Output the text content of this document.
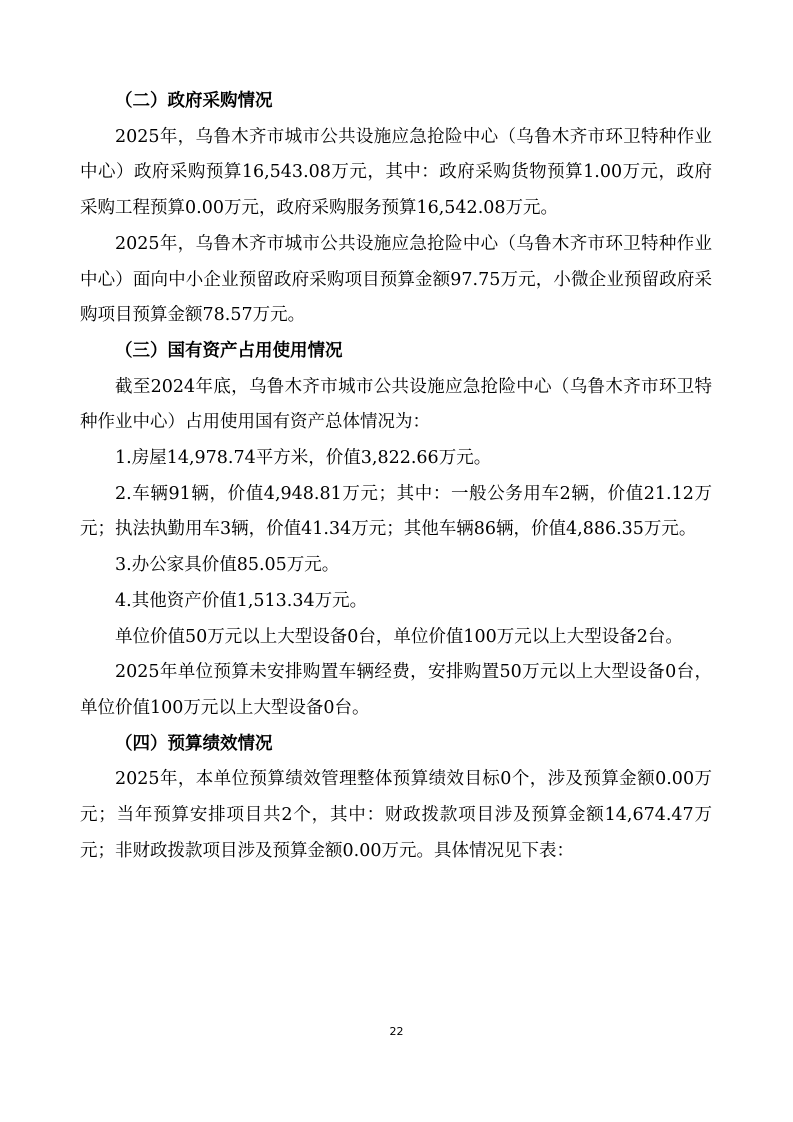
（二）政府采购情况

2025年，乌鲁木齐市城市公共设施应急抢险中心（乌鲁木齐市环卫特种作业中心）政府采购预算16,543.08万元，其中：政府采购货物预算1.00万元，政府采购工程预算0.00万元，政府采购服务预算16,542.08万元。

2025年，乌鲁木齐市城市公共设施应急抢险中心（乌鲁木齐市环卫特种作业中心）面向中小企业预留政府采购项目预算金额97.75万元，小微企业预留政府采购项目预算金额78.57万元。

（三）国有资产占用使用情况

截至2024年底，乌鲁木齐市城市公共设施应急抢险中心（乌鲁木齐市环卫特种作业中心）占用使用国有资产总体情况为：

1.房屋14,978.74平方米，价值3,822.66万元。

2.车辆91辆，价值4,948.81万元；其中：一般公务用车2辆，价值21.12万元；执法执勤用车3辆，价值41.34万元；其他车辆86辆，价值4,886.35万元。

3.办公家具价值85.05万元。

4.其他资产价值1,513.34万元。

单位价值50万元以上大型设备0台，单位价值100万元以上大型设备2台。

2025年单位预算未安排购置车辆经费，安排购置50万元以上大型设备0台，单位价值100万元以上大型设备0台。

（四）预算绩效情况

2025年，本单位预算绩效管理整体预算绩效目标0个，涉及预算金额0.00万元；当年预算安排项目共2个，其中：财政拨款项目涉及预算金额14,674.47万元；非财政拨款项目涉及预算金额0.00万元。具体情况见下表：

22
